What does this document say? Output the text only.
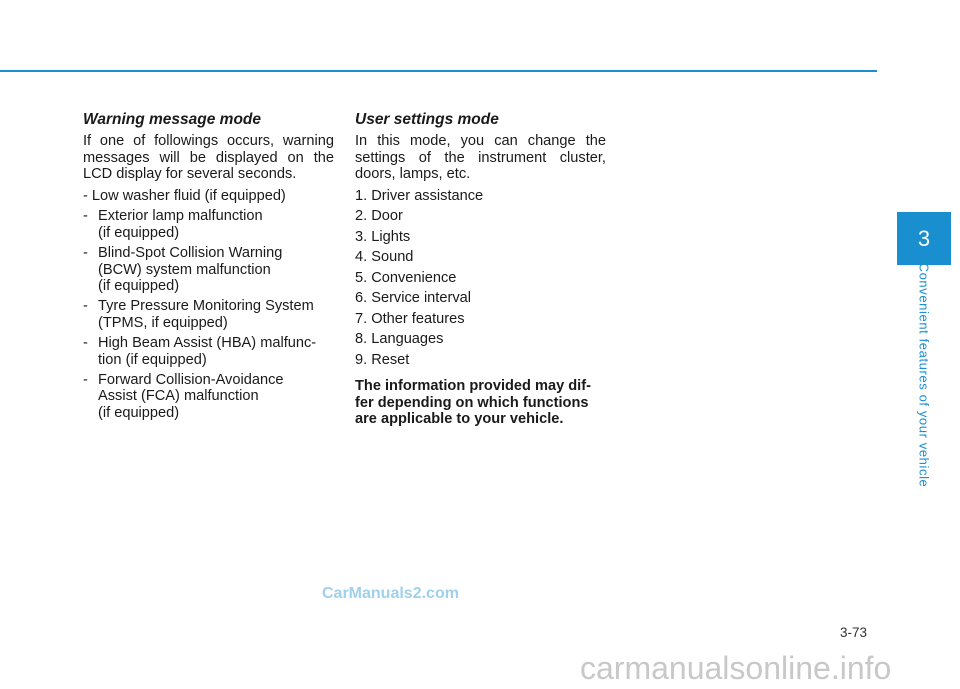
Warning message mode
If one of followings occurs, warning messages will be displayed on the LCD display for several seconds.
- Low washer fluid (if equipped)
- Exterior lamp malfunction
(if equipped)
- Blind-Spot Collision Warning
(BCW) system malfunction
(if equipped)
- Tyre Pressure Monitoring System
(TPMS, if equipped)
- High Beam Assist (HBA) malfunc-
tion (if equipped)
- Forward Collision-Avoidance
Assist (FCA) malfunction
(if equipped)
User settings mode
In this mode, you can change the settings of the instrument cluster, doors, lamps, etc.
1. Driver assistance
2. Door
3. Lights
4. Sound
5. Convenience
6. Service interval
7. Other features
8. Languages
9. Reset
The information provided may dif-
fer depending on which functions
are applicable to your vehicle.
3
Convenient features of your vehicle
3-73
CarManuals2.com
carmanualsonline.info
